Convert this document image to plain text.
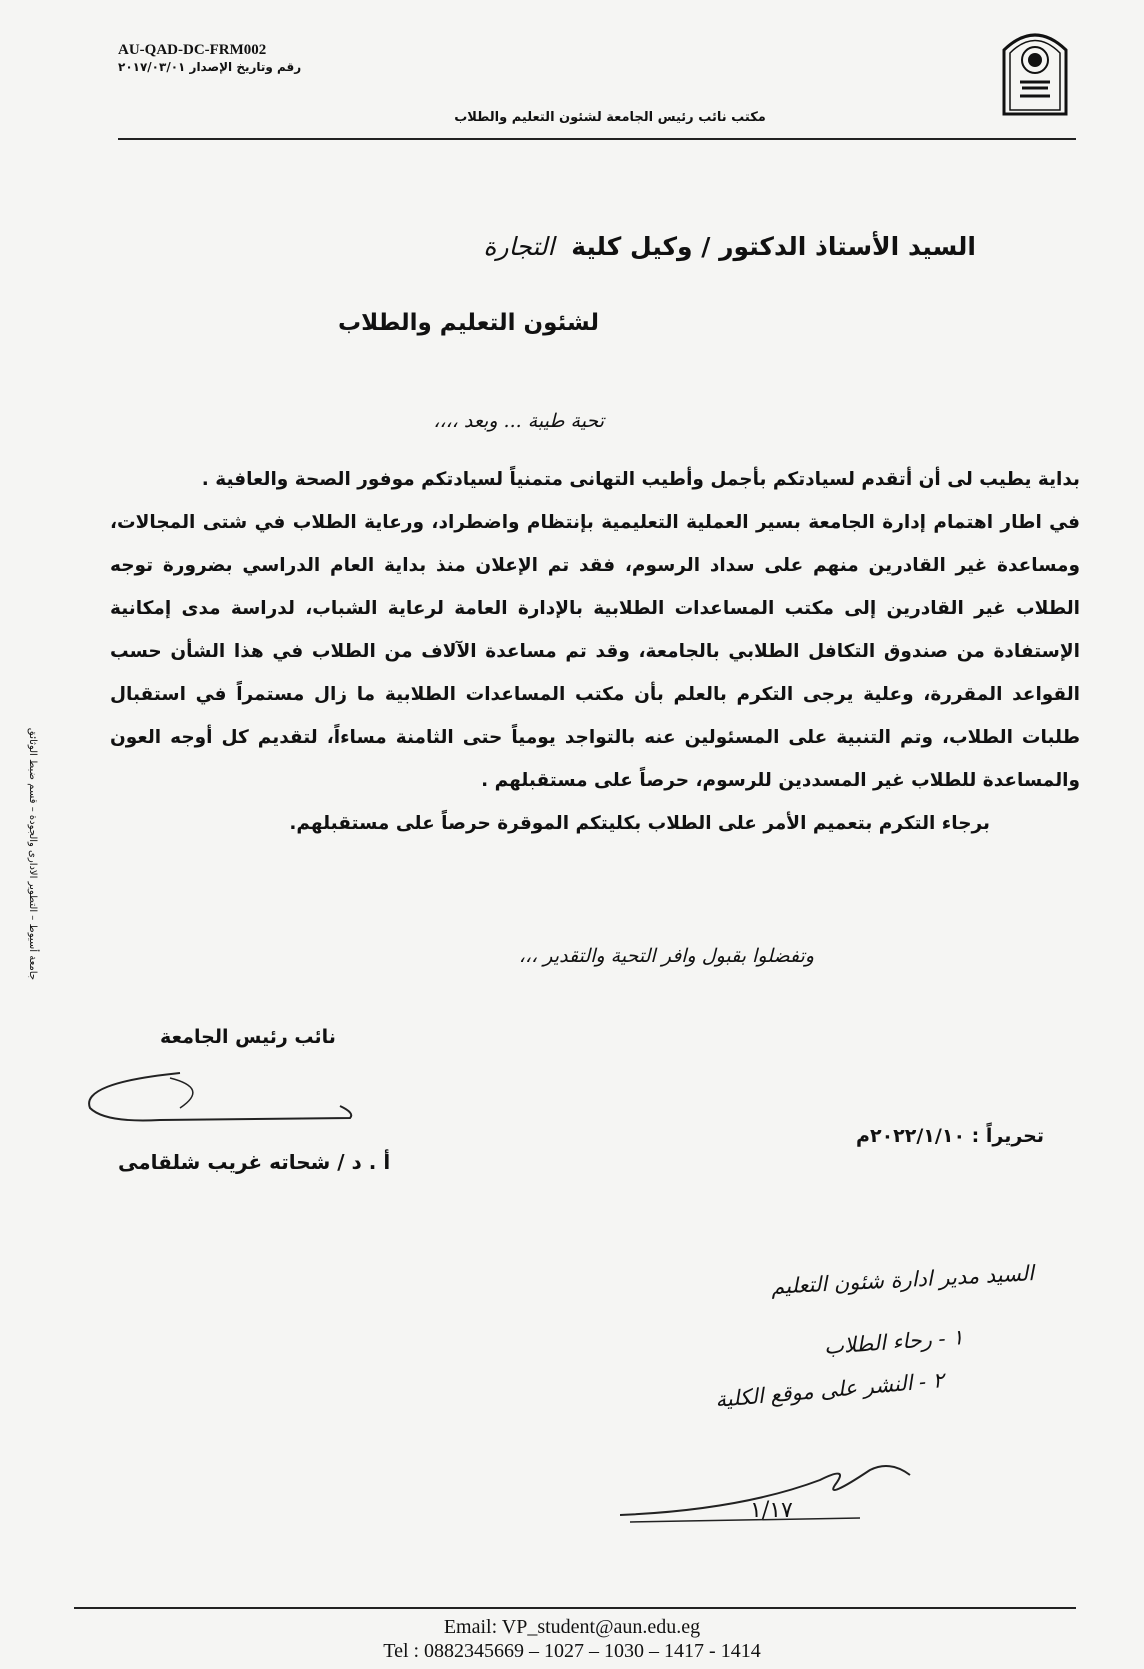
AU-QAD-DC-FRM002
رقم وتاريخ الإصدار ٢٠١٧/٠٣/٠١
مكتب نائب رئيس الجامعة لشئون التعليم والطلاب
السيد الأستاذ الدكتور / وكيل كلية التجارة
لشئون التعليم والطلاب
تحية طيبة ... وبعد ،،،،

بداية يطيب لى أن أتقدم لسيادتكم بأجمل وأطيب التهانى متمنياً لسيادتكم موفور الصحة والعافية .

في اطار اهتمام إدارة الجامعة بسير العملية التعليمية بإنتظام واضطراد، ورعاية الطلاب في شتى المجالات، ومساعدة غير القادرين منهم على سداد الرسوم، فقد تم الإعلان منذ بداية العام الدراسي بضرورة توجه الطلاب غير القادرين إلى مكتب المساعدات الطلابية بالإدارة العامة لرعاية الشباب، لدراسة مدى إمكانية الإستفادة من صندوق التكافل الطلابي بالجامعة، وقد تم مساعدة الآلاف من الطلاب في هذا الشأن حسب القواعد المقررة، وعلية يرجى التكرم بالعلم بأن مكتب المساعدات الطلابية ما زال مستمراً في استقبال طلبات الطلاب، وتم التنبية على المسئولين عنه بالتواجد يومياً حتى الثامنة مساءاً، لتقديم كل أوجه العون والمساعدة للطلاب غير المسددين للرسوم، حرصاً على مستقبلهم .

برجاء التكرم بتعميم الأمر على الطلاب بكليتكم الموقرة حرصاً على مستقبلهم.

وتفضلوا بقبول وافر التحية والتقدير ،،،
نائب رئيس الجامعة
أ . د / شحاته غريب شلقامى
تحريراً : ٢٠٢٢/١/١٠م
جامعة أسيوط – التطوير الادارى والجودة – قسم ضبط الوثائق
السيد مدير ادارة شئون التعليم
١ - رحاء الطلاب
٢ - النشر على موقع الكلية
١/١٧
Email: VP_student@aun.edu.eg
Tel : 0882345669 – 1027 – 1030 – 1417 - 1414
